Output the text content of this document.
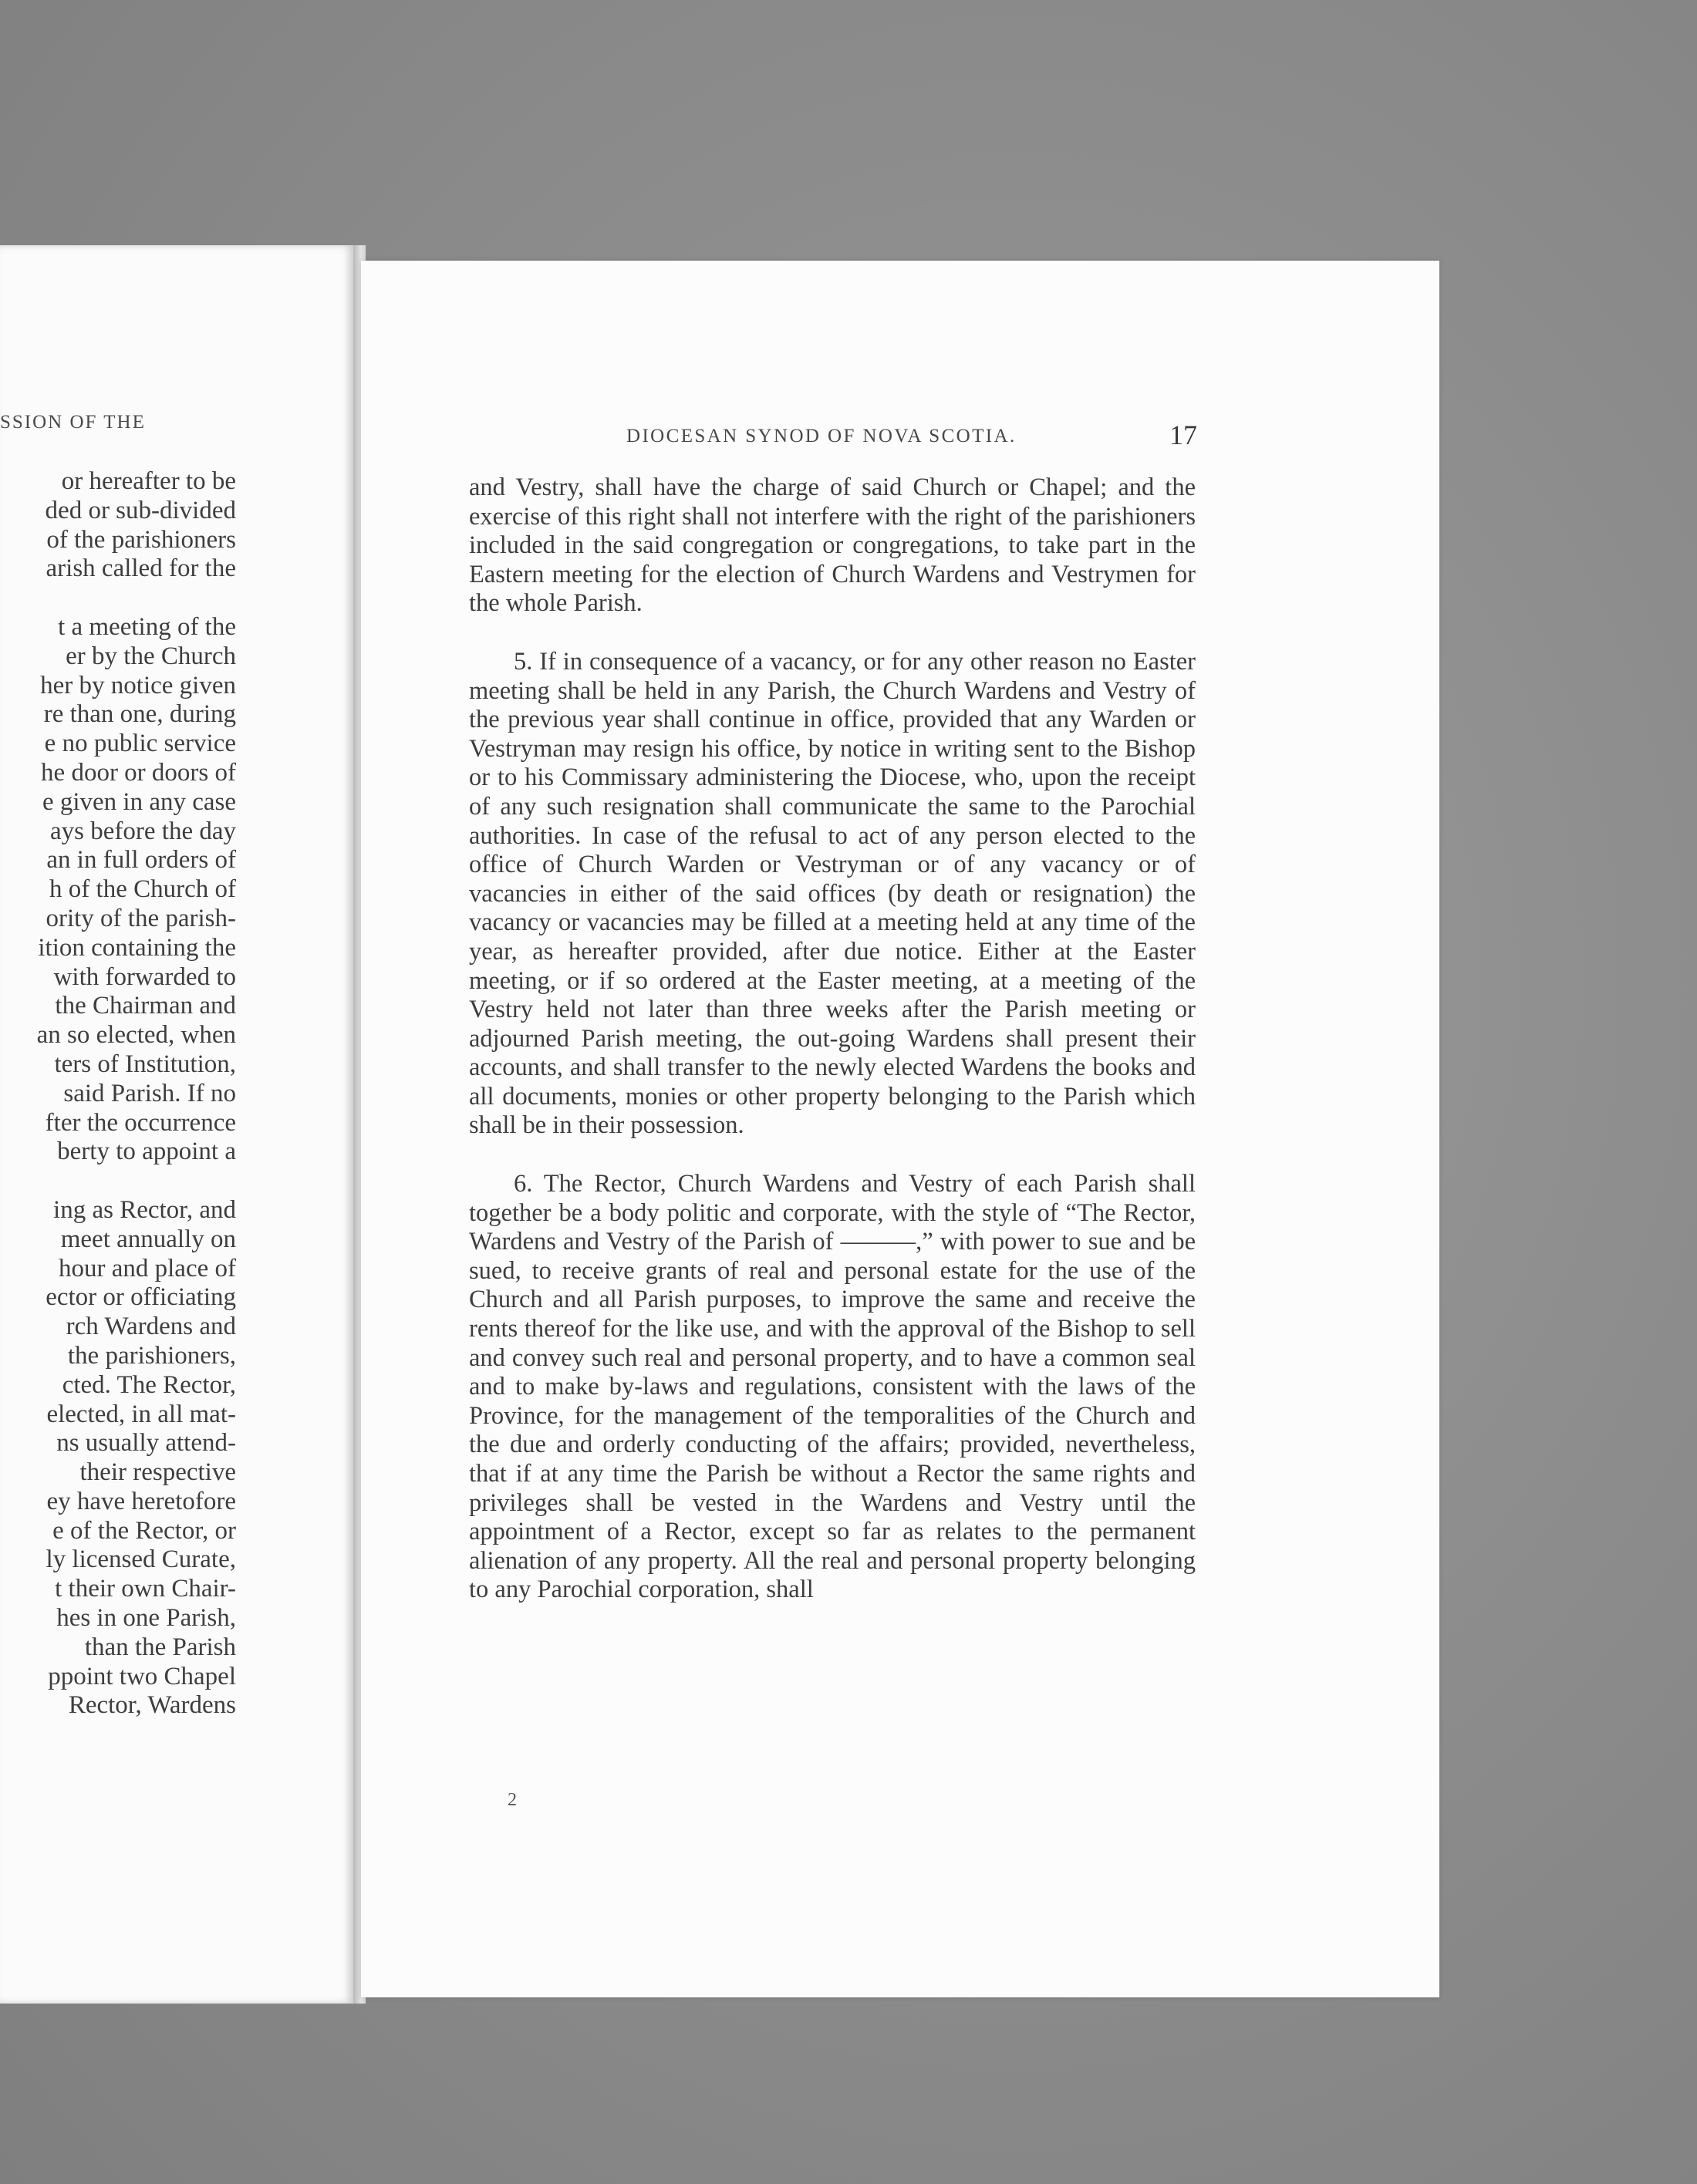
SSION OF THE
or hereafter to be
ded or sub-divided
of the parishioners
arish called for the
t a meeting of the
er by the Church
her by notice given
re than one, during
e no public service
he door or doors of
e given in any case
ays before the day
an in full orders of
h of the Church of
ority of the parish-
ition containing the
with forwarded to
the Chairman and
an so elected, when
ters of Institution,
said Parish. If no
fter the occurrence
berty to appoint a
ing as Rector, and
meet annually on
hour and place of
ector or officiating
rch Wardens and
the parishioners,
cted. The Rector,
elected, in all mat-
ns usually attend-
their respective
ey have heretofore
e of the Rector, or
ly licensed Curate,
t their own Chair-
hes in one Parish,
than the Parish
ppoint two Chapel
Rector, Wardens
DIOCESAN SYNOD OF NOVA SCOTIA.	17

and Vestry, shall have the charge of said Church or Chapel; and the exercise of this right shall not interfere with the right of the parishioners included in the said congregation or congregations, to take part in the Eastern meeting for the election of Church Wardens and Vestrymen for the whole Parish.

5. If in consequence of a vacancy, or for any other reason no Easter meeting shall be held in any Parish, the Church Wardens and Vestry of the previous year shall continue in office, provided that any Warden or Vestryman may resign his office, by notice in writing sent to the Bishop or to his Commissary administering the Diocese, who, upon the receipt of any such resignation shall communicate the same to the Parochial authorities. In case of the refusal to act of any person elected to the office of Church Warden or Vestryman or of any vacancy or of vacancies in either of the said offices (by death or resignation) the vacancy or vacancies may be filled at a meeting held at any time of the year, as hereafter provided, after due notice. Either at the Easter meeting, or if so ordered at the Easter meeting, at a meeting of the Vestry held not later than three weeks after the Parish meeting or adjourned Parish meeting, the out-going Wardens shall present their accounts, and shall transfer to the newly elected Wardens the books and all documents, monies or other property belonging to the Parish which shall be in their possession.

6. The Rector, Church Wardens and Vestry of each Parish shall together be a body politic and corporate, with the style of “The Rector, Wardens and Vestry of the Parish of ———,” with power to sue and be sued, to receive grants of real and personal estate for the use of the Church and all Parish purposes, to improve the same and receive the rents thereof for the like use, and with the approval of the Bishop to sell and convey such real and personal property, and to have a common seal and to make by-laws and regulations, consistent with the laws of the Province, for the management of the temporalities of the Church and the due and orderly conducting of the affairs; provided, nevertheless, that if at any time the Parish be without a Rector the same rights and privileges shall be vested in the Wardens and Vestry until the appointment of a Rector, except so far as relates to the permanent alienation of any property. All the real and personal property belonging to any Parochial corporation, shall

2
